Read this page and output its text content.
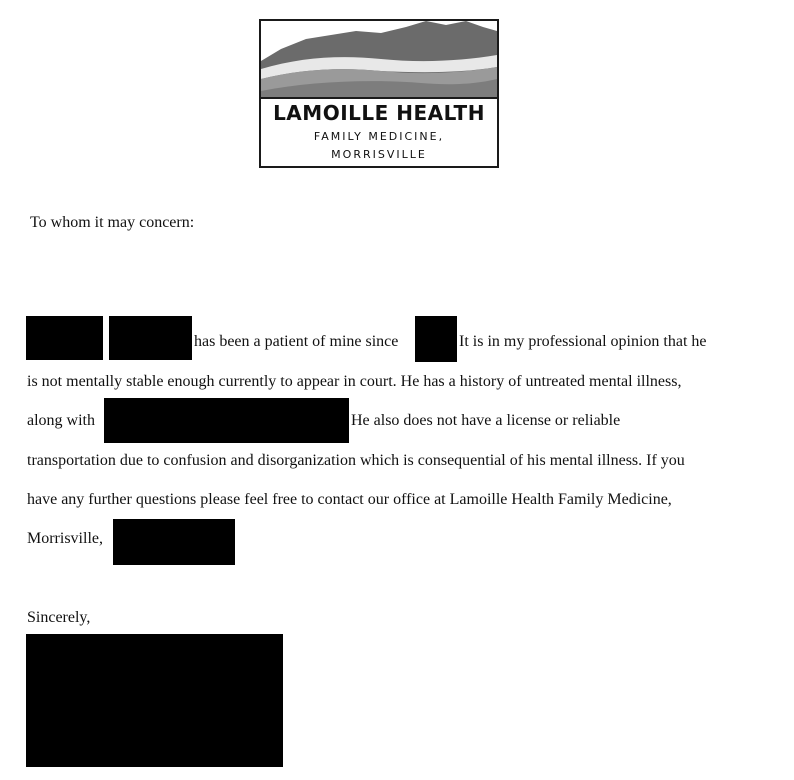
LAMOILLE HEALTH
FAMILY MEDICINE,
MORRISVILLE
To whom it may concern:
has been a patient of mine since	It is in my professional opinion that he
is not mentally stable enough currently to appear in court. He has a history of untreated mental illness,
along with	He also does not have a license or reliable
transportation due to confusion and disorganization which is consequential of his mental illness. If you
have any further questions please feel free to contact our office at Lamoille Health Family Medicine,
Morrisville,
Sincerely,
